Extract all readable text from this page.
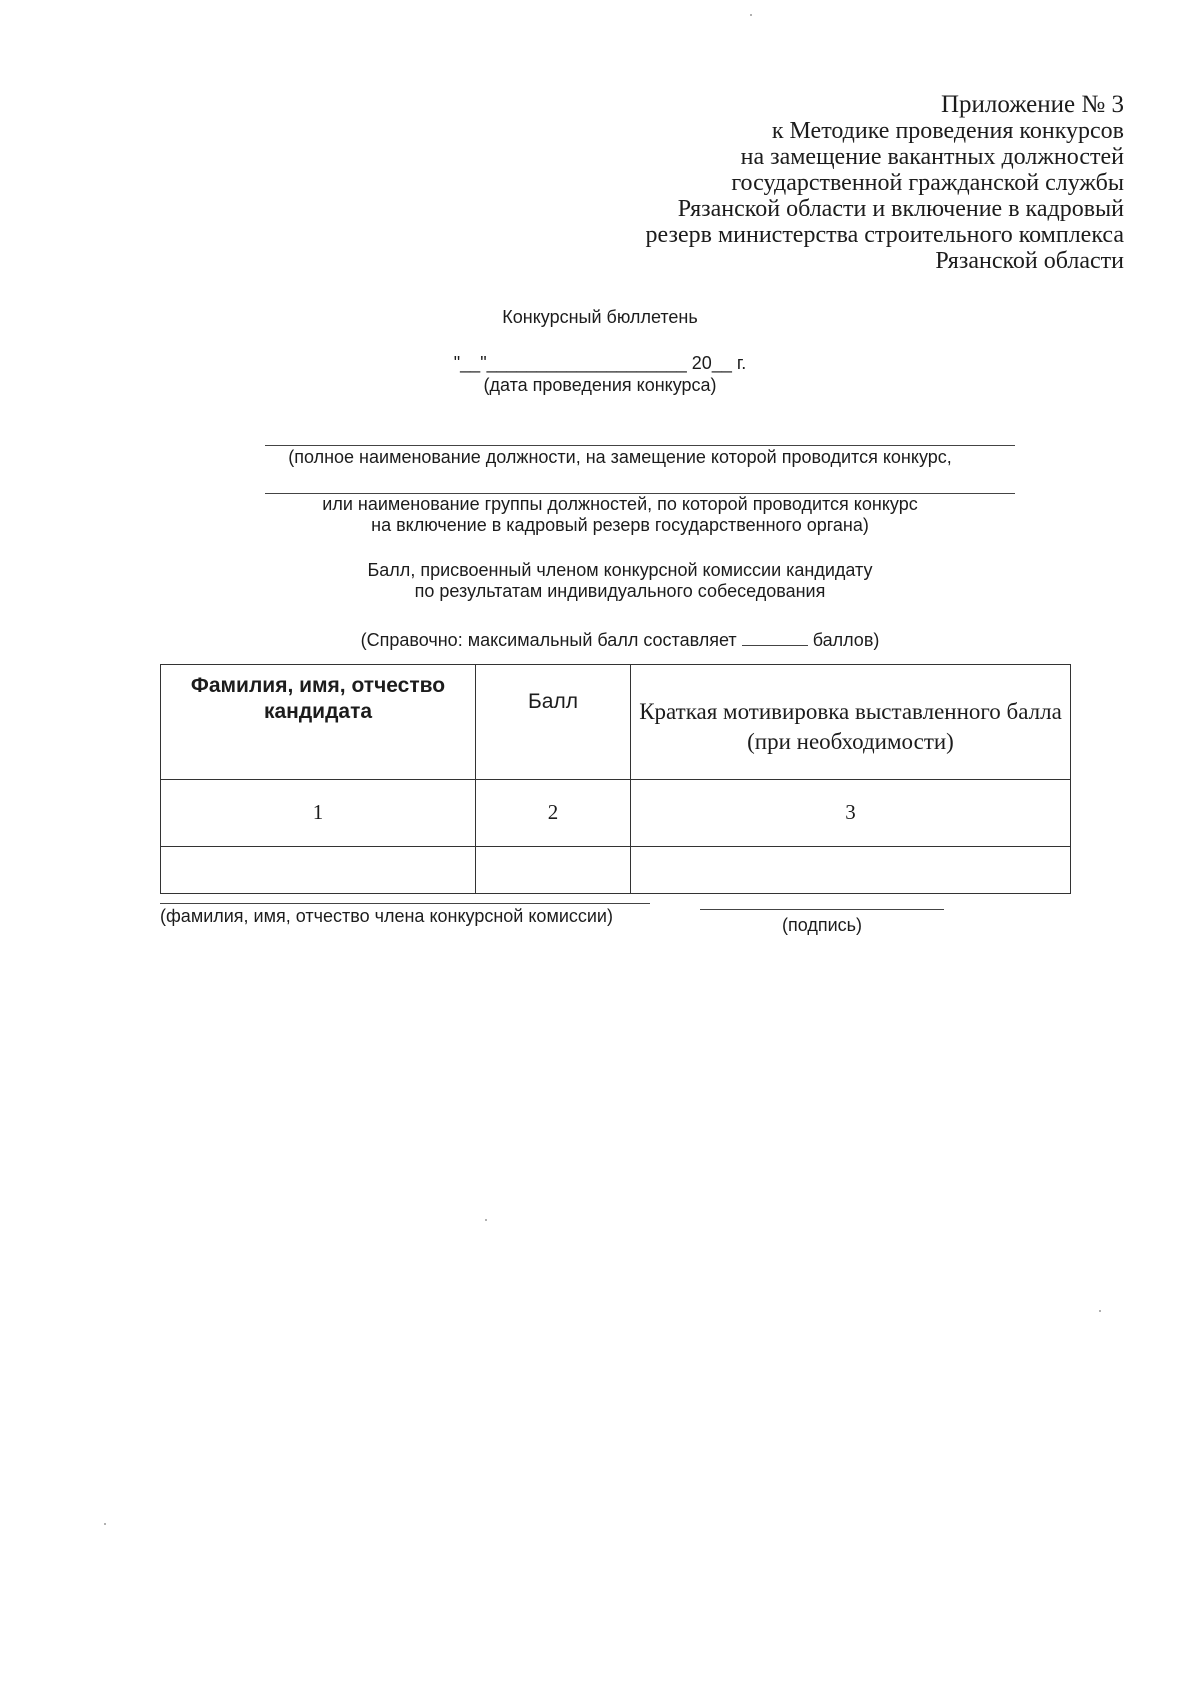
Приложение № 3
к Методике проведения конкурсов
на замещение вакантных должностей
государственной гражданской службы
Рязанской области и включение в кадровый
резерв министерства строительного комплекса
Рязанской области
Конкурсный бюллетень
"__"____________________ 20__ г.
(дата проведения конкурса)
(полное наименование должности, на замещение которой проводится конкурс,
или наименование группы должностей, по которой проводится конкурс
на включение в кадровый резерв государственного органа)
Балл, присвоенный членом конкурсной комиссии кандидату
по результатам индивидуального собеседования
(Справочно: максимальный балл составляет	баллов)
Фамилия, имя, отчество кандидата	Балл	Краткая мотивировка выставленного балла (при необходимости)
1	2	3

(фамилия, имя, отчество члена конкурсной комиссии)	(подпись)
